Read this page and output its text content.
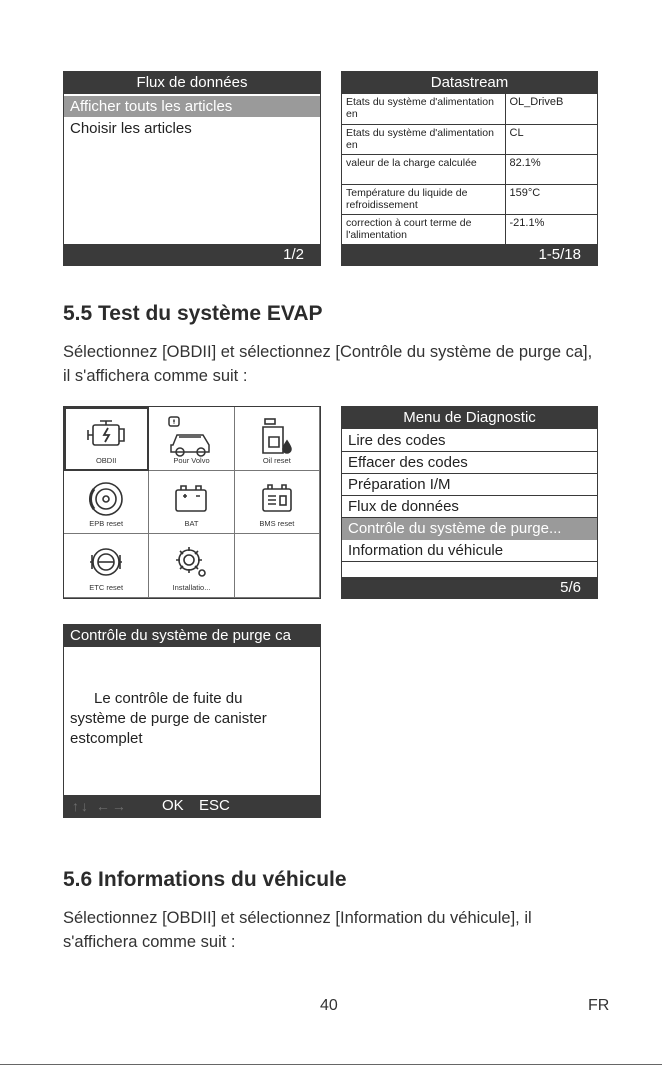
Flux de données
Afficher touts les articles
Choisir les articles
1/2
Datastream
Etats du système d'alimentation en	OL_DriveB
Etats du système d'alimentation en	CL
valeur de la charge calculée	82.1%
Température du liquide de refroidissement	159°C
correction à court terme de l'alimentation	-21.1%
1-5/18
5.5 Test du système EVAP

Sélectionnez [OBDII] et sélectionnez [Contrôle du système de purge ca], il s'affichera comme suit :

OBDII	Pour Volvo	Oil reset
EPB reset	BAT	BMS reset
ETC reset	Installatio...
Menu de Diagnostic
Lire des codes
Effacer des codes
Préparation I/M
Flux de données
Contrôle du système de purge...
Information du véhicule
5/6
Contrôle du système de purge ca
Le contrôle de fuite du
système de purge de canister
estcomplet
↑↓ ←→ OK ESC
5.6 Informations du véhicule

Sélectionnez [OBDII] et sélectionnez [Information du véhicule], il s'affichera comme suit :

40	FR
